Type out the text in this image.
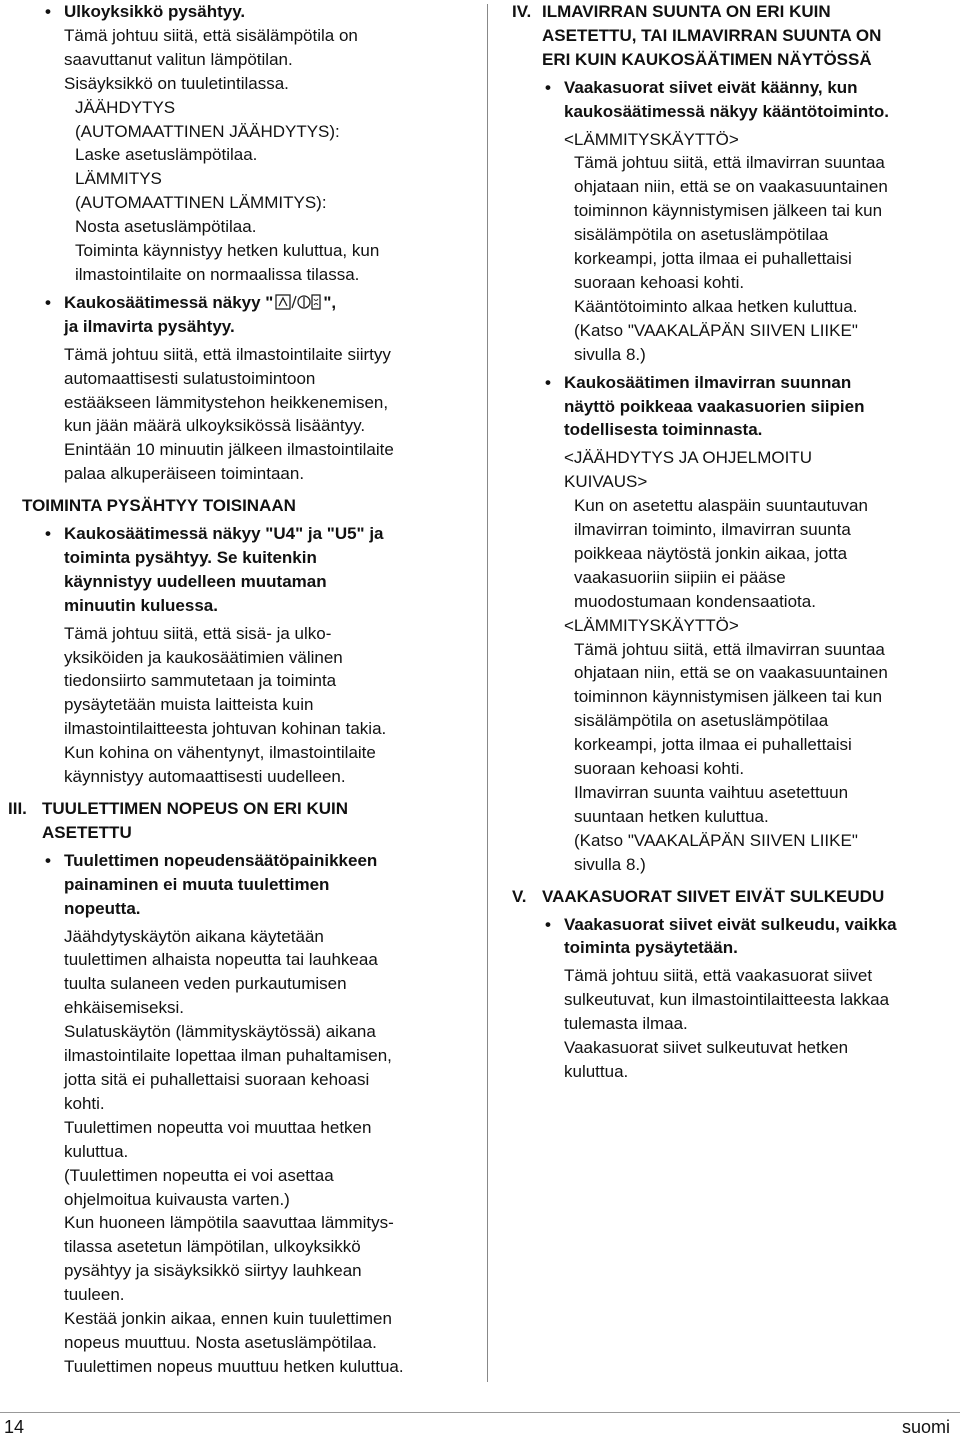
• Ulkoyksikkö pysähtyy.

Tämä johtuu siitä, että sisälämpötila on

saavuttanut valitun lämpötilan.

Sisäyksikkö on tuuletintilassa.

JÄÄHDYTYS

(AUTOMAATTINEN JÄÄHDYTYS):

Laske asetuslämpötilaa.

LÄMMITYS

(AUTOMAATTINEN LÄMMITYS):

Nosta asetuslämpötilaa.

Toiminta käynnistyy hetken kuluttua, kun

ilmastointilaite on normaalissa tilassa.

• Kaukosäätimessä näkyy "	",

ja ilmavirta pysähtyy.

Tämä johtuu siitä, että ilmastointilaite siirtyy

automaattisesti sulatustoimintoon

estääkseen lämmitystehon heikkenemisen,

kun jään määrä ulkoyksikössä lisääntyy.

Enintään 10 minuutin jälkeen ilmastointilaite

palaa alkuperäiseen toimintaan.

TOIMINTA PYSÄHTYY TOISINAAN

• Kaukosäätimessä näkyy "U4" ja "U5" ja

toiminta pysähtyy. Se kuitenkin

käynnistyy uudelleen muutaman

minuutin kuluessa.

Tämä johtuu siitä, että sisä- ja ulko-

yksiköiden ja kaukosäätimien välinen

tiedonsiirto sammutetaan ja toiminta

pysäytetään muista laitteista kuin

ilmastointilaitteesta johtuvan kohinan takia.

Kun kohina on vähentynyt, ilmastointilaite

käynnistyy automaattisesti uudelleen.

III. TUULETTIMEN NOPEUS ON ERI KUIN

ASETETTU

• Tuulettimen nopeudensäätöpainikkeen

painaminen ei muuta tuulettimen

nopeutta.

Jäähdytyskäytön aikana käytetään

tuulettimen alhaista nopeutta tai lauhkeaa

tuulta sulaneen veden purkautumisen

ehkäisemiseksi.

Sulatuskäytön (lämmityskäytössä) aikana

ilmastointilaite lopettaa ilman puhaltamisen,

jotta sitä ei puhallettaisi suoraan kehoasi

kohti.

Tuulettimen nopeutta voi muuttaa hetken

kuluttua.

(Tuulettimen nopeutta ei voi asettaa

ohjelmoitua kuivausta varten.)

Kun huoneen lämpötila saavuttaa lämmitys-

tilassa asetetun lämpötilan, ulkoyksikkö

pysähtyy ja sisäyksikkö siirtyy lauhkean

tuuleen.

Kestää jonkin aikaa, ennen kuin tuulettimen

nopeus muuttuu. Nosta asetuslämpötilaa.

Tuulettimen nopeus muuttuu hetken kuluttua.

IV. ILMAVIRRAN SUUNTA ON ERI KUIN

ASETETTU, TAI ILMAVIRRAN SUUNTA ON

ERI KUIN KAUKOSÄÄTIMEN NÄYTÖSSÄ

• Vaakasuorat siivet eivät käänny, kun

kaukosäätimessä näkyy kääntötoiminto.

<LÄMMITYSKÄYTTÖ>

Tämä johtuu siitä, että ilmavirran suuntaa

ohjataan niin, että se on vaakasuuntainen

toiminnon käynnistymisen jälkeen tai kun

sisälämpötila on asetuslämpötilaa

korkeampi, jotta ilmaa ei puhallettaisi

suoraan kehoasi kohti.

Kääntötoiminto alkaa hetken kuluttua.

(Katso "VAAKALÄPÄN SIIVEN LIIKE"

sivulla 8.)

• Kaukosäätimen ilmavirran suunnan

näyttö poikkeaa vaakasuorien siipien

todellisesta toiminnasta.

<JÄÄHDYTYS JA OHJELMOITU

KUIVAUS>

Kun on asetettu alaspäin suuntautuvan

ilmavirran toiminto, ilmavirran suunta

poikkeaa näytöstä jonkin aikaa, jotta

vaakasuoriin siipiin ei pääse

muodostumaan kondensaatiota.

<LÄMMITYSKÄYTTÖ>

Tämä johtuu siitä, että ilmavirran suuntaa

ohjataan niin, että se on vaakasuuntainen

toiminnon käynnistymisen jälkeen tai kun

sisälämpötila on asetuslämpötilaa

korkeampi, jotta ilmaa ei puhallettaisi

suoraan kehoasi kohti.

Ilmavirran suunta vaihtuu asetettuun

suuntaan hetken kuluttua.

(Katso "VAAKALÄPÄN SIIVEN LIIKE"

sivulla 8.)

V. VAAKASUORAT SIIVET EIVÄT SULKEUDU

• Vaakasuorat siivet eivät sulkeudu, vaikka

toiminta pysäytetään.

Tämä johtuu siitä, että vaakasuorat siivet

sulkeutuvat, kun ilmastointilaitteesta lakkaa

tulemasta ilmaa.

Vaakasuorat siivet sulkeutuvat hetken

kuluttua.

14	suomi
